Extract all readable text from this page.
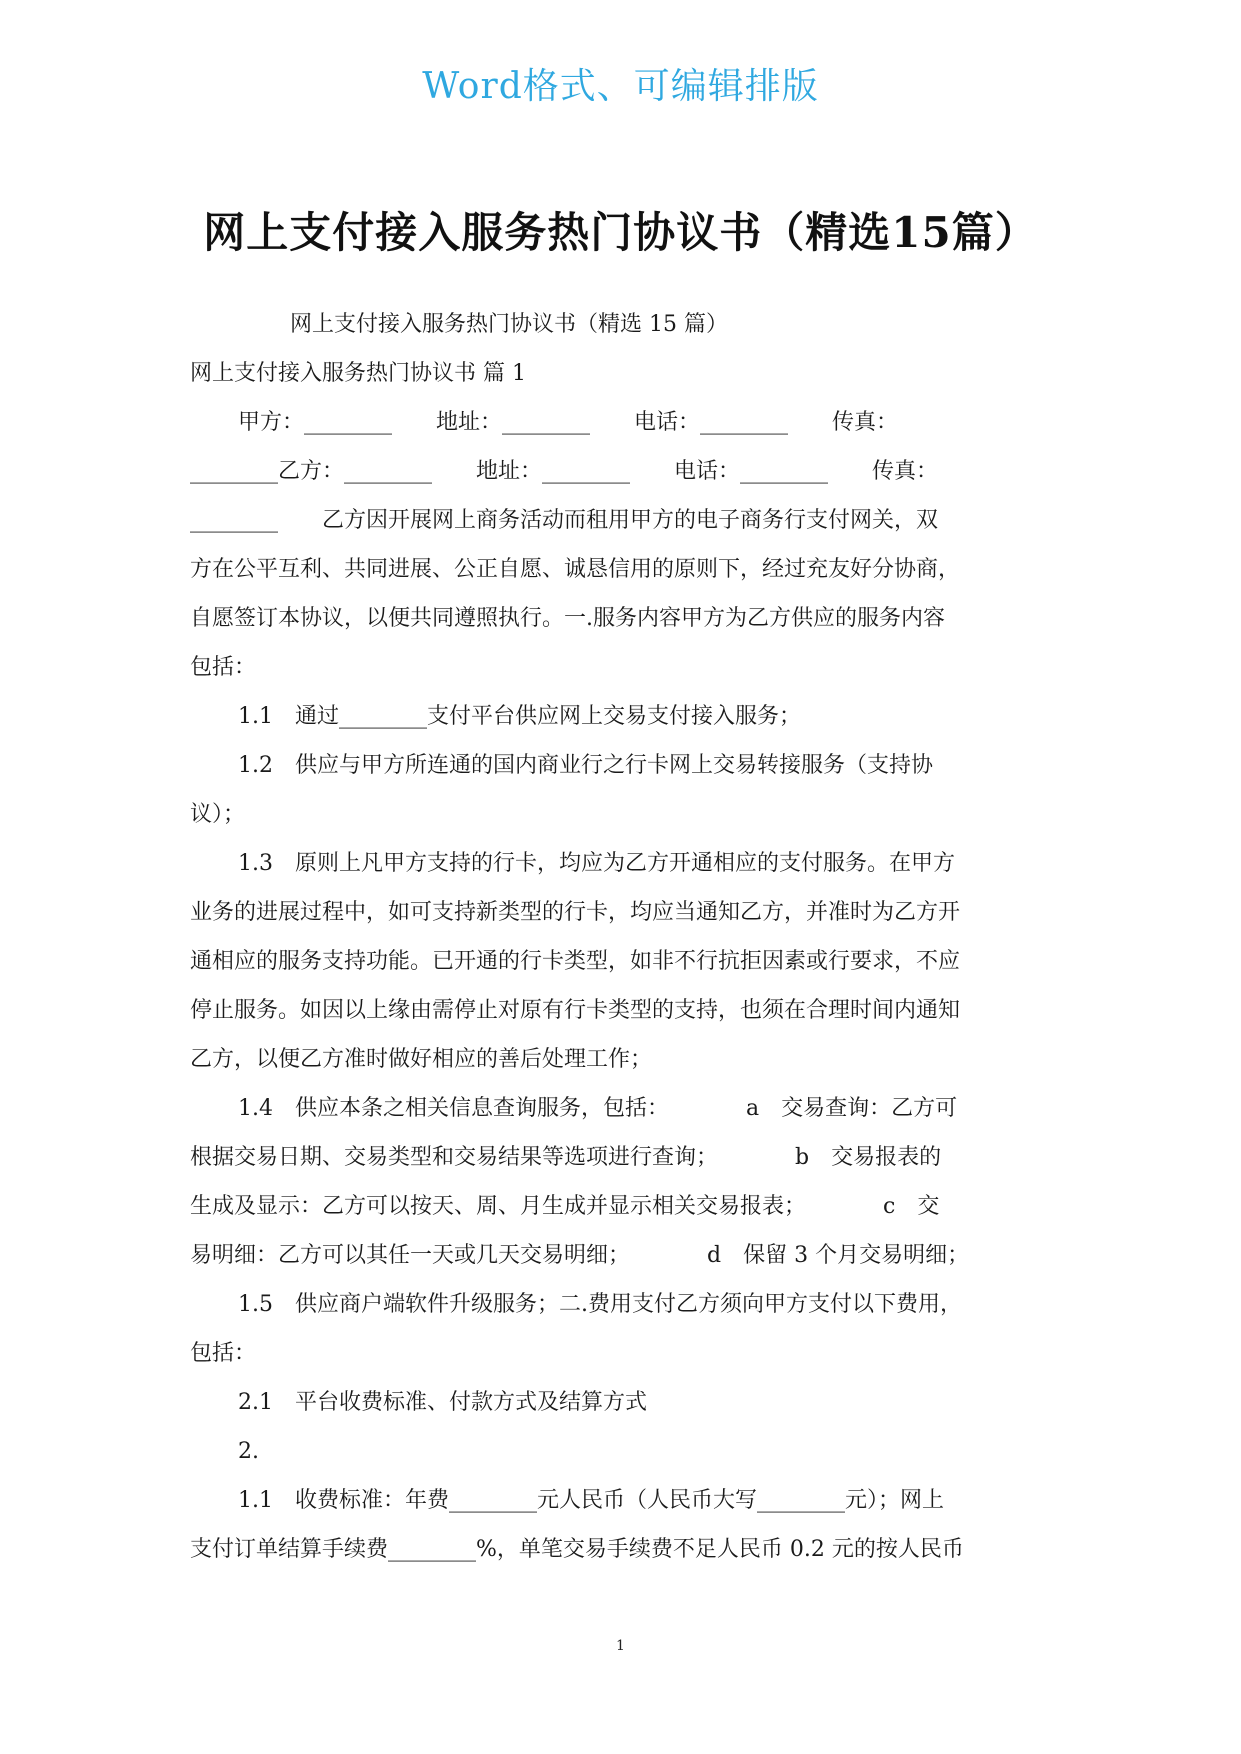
Word格式、可编辑排版
网上支付接入服务热门协议书（精选15篇）
网上支付接入服务热门协议书（精选 15 篇）
网上支付接入服务热门协议书 篇 1
甲方：________　　地址：________　　电话：________　　传真：
________乙方：________　　地址：________　　电话：________　　传真：
________　　乙方因开展网上商务活动而租用甲方的电子商务行支付网关，双
方在公平互利、共同进展、公正自愿、诚恳信用的原则下，经过充友好分协商，
自愿签订本协议，以便共同遵照执行。一.服务内容甲方为乙方供应的服务内容
包括：
1.1　通过________支付平台供应网上交易支付接入服务；
1.2　供应与甲方所连通的国内商业行之行卡网上交易转接服务（支持协
议）；
1.3　原则上凡甲方支持的行卡，均应为乙方开通相应的支付服务。在甲方
业务的进展过程中，如可支持新类型的行卡，均应当通知乙方，并准时为乙方开
通相应的服务支持功能。已开通的行卡类型，如非不行抗拒因素或行要求，不应
停止服务。如因以上缘由需停止对原有行卡类型的支持，也须在合理时间内通知
乙方，以便乙方准时做好相应的善后处理工作；
1.4　供应本条之相关信息查询服务，包括：　　　　a　交易查询：乙方可
根据交易日期、交易类型和交易结果等选项进行查询；　　　　b　交易报表的
生成及显示：乙方可以按天、周、月生成并显示相关交易报表；　　　　c　交
易明细：乙方可以其任一天或几天交易明细；　　　　d　保留 3 个月交易明细；
1.5　供应商户端软件升级服务；二.费用支付乙方须向甲方支付以下费用，
包括：
2.1　平台收费标准、付款方式及结算方式
2.
1.1　收费标准：年费________元人民币（人民币大写________元）；网上
支付订单结算手续费________%，单笔交易手续费不足人民币 0.2 元的按人民币
1
